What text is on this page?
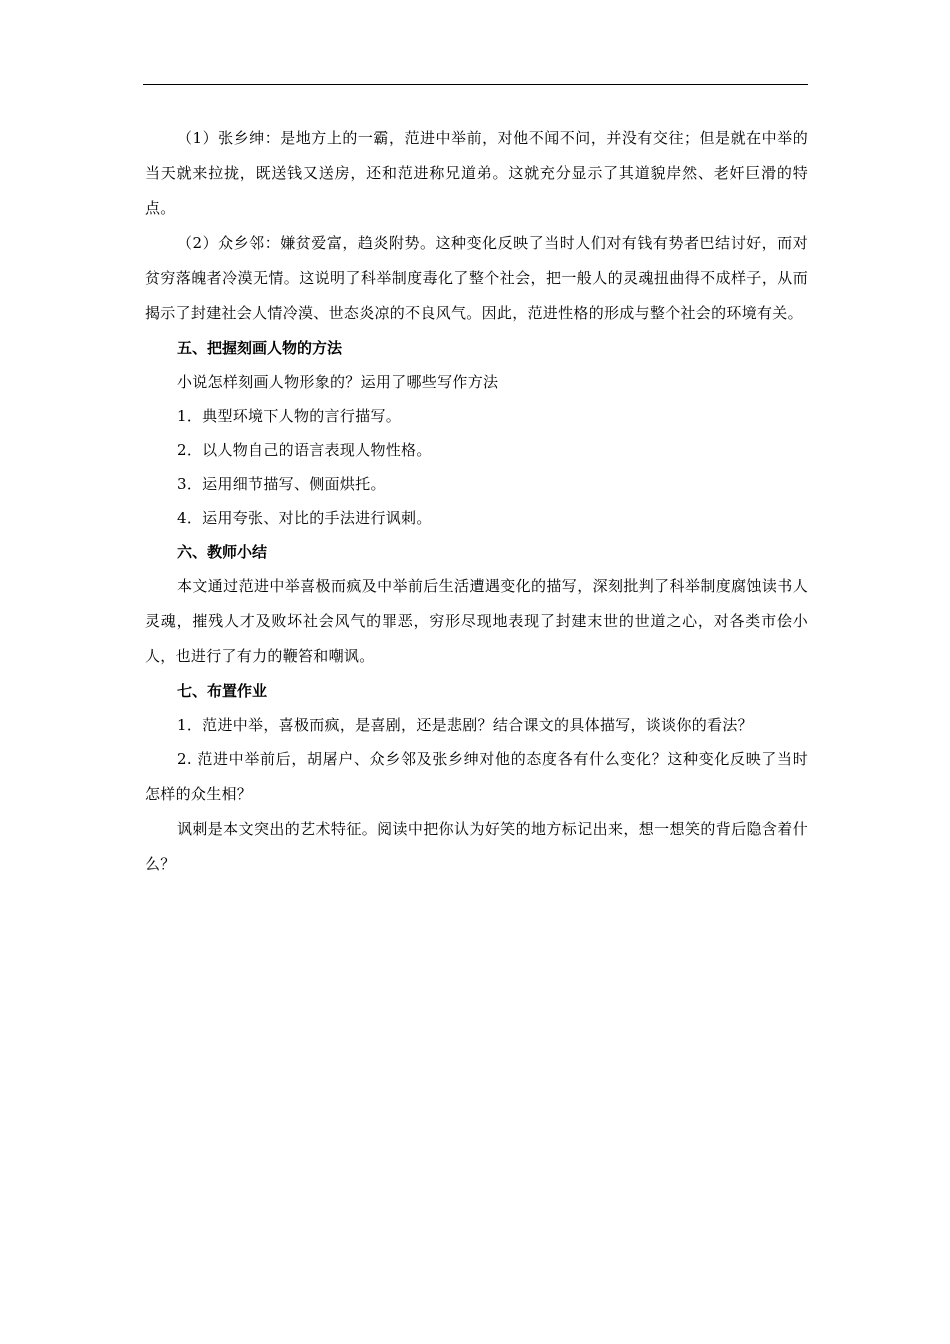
（1）张乡绅：是地方上的一霸，范进中举前，对他不闻不问，并没有交往；但是就在中举的当天就来拉拢，既送钱又送房，还和范进称兄道弟。这就充分显示了其道貌岸然、老奸巨滑的特点。

（2）众乡邻：嫌贫爱富，趋炎附势。这种变化反映了当时人们对有钱有势者巴结讨好，而对贫穷落魄者冷漠无情。这说明了科举制度毒化了整个社会，把一般人的灵魂扭曲得不成样子，从而揭示了封建社会人情冷漠、世态炎凉的不良风气。因此，范进性格的形成与整个社会的环境有关。

五、把握刻画人物的方法

小说怎样刻画人物形象的？运用了哪些写作方法

1．典型环境下人物的言行描写。

2．以人物自己的语言表现人物性格。

3．运用细节描写、侧面烘托。

4．运用夸张、对比的手法进行讽刺。

六、教师小结

本文通过范进中举喜极而疯及中举前后生活遭遇变化的描写，深刻批判了科举制度腐蚀读书人灵魂，摧残人才及败坏社会风气的罪恶，穷形尽现地表现了封建末世的世道之心，对各类市侩小人，也进行了有力的鞭笞和嘲讽。

七、布置作业

1．范进中举，喜极而疯，是喜剧，还是悲剧？结合课文的具体描写，谈谈你的看法？

2. 范进中举前后，胡屠户、众乡邻及张乡绅对他的态度各有什么变化？这种变化反映了当时怎样的众生相？

讽刺是本文突出的艺术特征。阅读中把你认为好笑的地方标记出来，想一想笑的背后隐含着什么？
